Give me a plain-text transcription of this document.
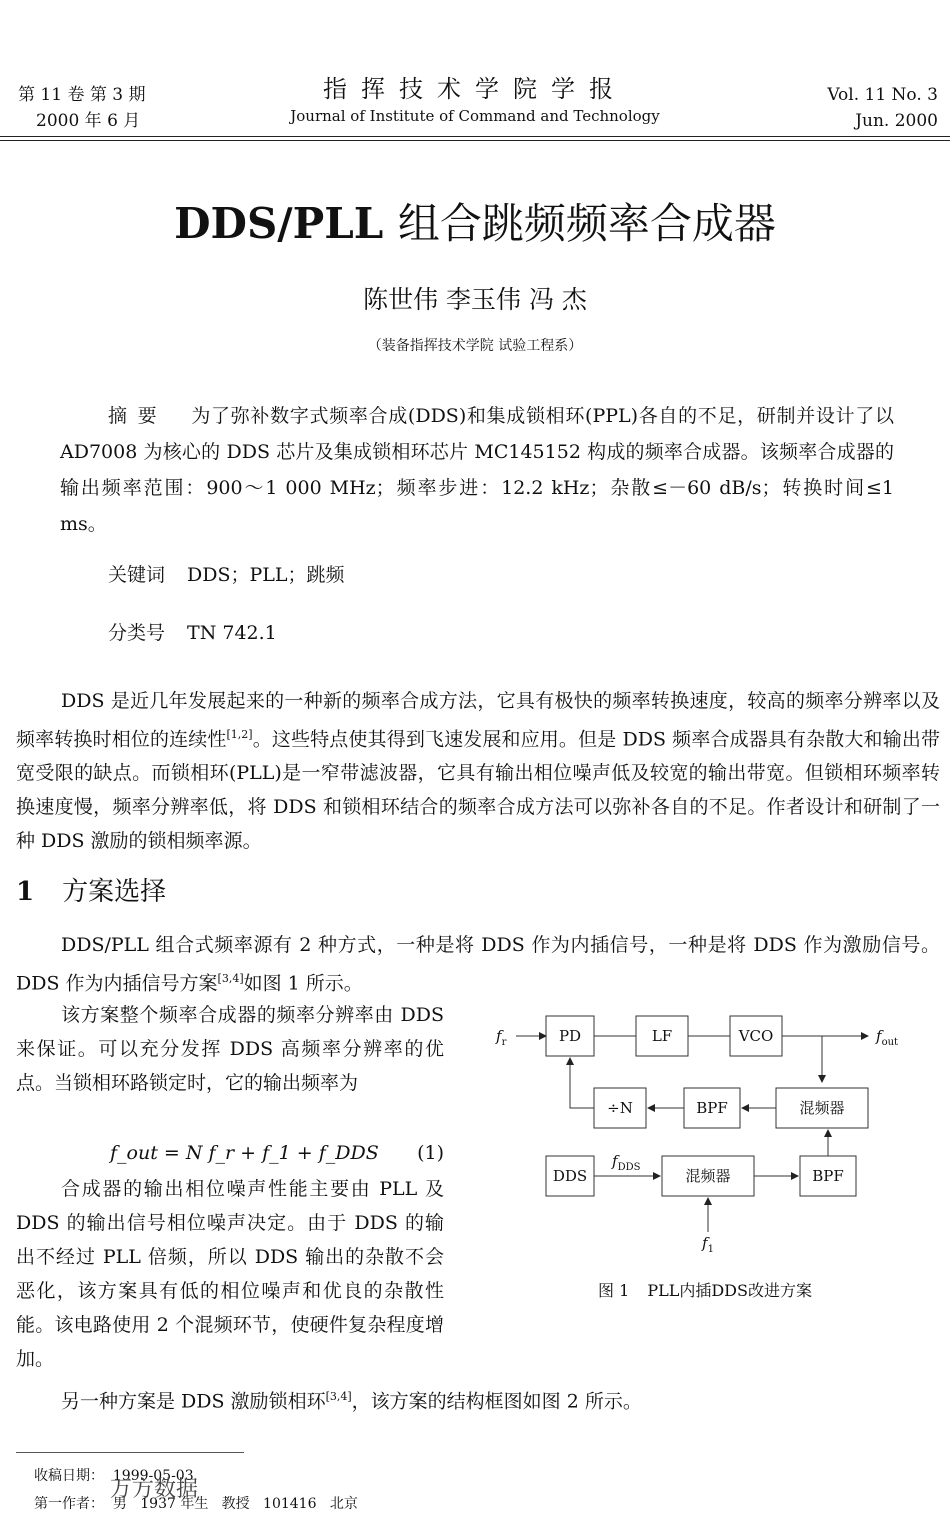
第 11 卷 第 3 期
2000 年 6 月
指挥技术学院学报
Journal of Institute of Command and Technology
Vol. 11 No. 3
Jun. 2000
DDS/PLL 组合跳频频率合成器
陈世伟 李玉伟 冯 杰
（装备指挥技术学院 试验工程系）
摘要 为了弥补数字式频率合成(DDS)和集成锁相环(PPL)各自的不足，研制并设计了以 AD7008 为核心的 DDS 芯片及集成锁相环芯片 MC145152 构成的频率合成器。该频率合成器的输出频率范围：900～1 000 MHz；频率步进：12.2 kHz；杂散≤－60 dB/s；转换时间≤1 ms。
关键词 DDS；PLL；跳频
分类号 TN 742.1
DDS 是近几年发展起来的一种新的频率合成方法，它具有极快的频率转换速度，较高的频率分辨率以及频率转换时相位的连续性[1,2]。这些特点使其得到飞速发展和应用。但是 DDS 频率合成器具有杂散大和输出带宽受限的缺点。而锁相环(PLL)是一窄带滤波器，它具有输出相位噪声低及较宽的输出带宽。但锁相环频率转换速度慢，频率分辨率低，将 DDS 和锁相环结合的频率合成方法可以弥补各自的不足。作者设计和研制了一种 DDS 激励的锁相频率源。
1 方案选择
DDS/PLL 组合式频率源有 2 种方式，一种是将 DDS 作为内插信号，一种是将 DDS 作为激励信号。DDS 作为内插信号方案[3,4]如图 1 所示。
该方案整个频率合成器的频率分辨率由 DDS 来保证。可以充分发挥 DDS 高频率分辨率的优点。当锁相环路锁定时，它的输出频率为
f_out = N f_r + f_1 + f_DDS (1)
合成器的输出相位噪声性能主要由 PLL 及 DDS 的输出信号相位噪声决定。由于 DDS 的输出不经过 PLL 倍频，所以 DDS 输出的杂散不会恶化，该方案具有低的相位噪声和优良的杂散性能。该电路使用 2 个混频环节，使硬件复杂程度增加。
另一种方案是 DDS 激励锁相环[3,4]，该方案的结构框图如图 2 所示。
PD	LF	VCO
÷N	BPF	混频器
DDS	混频器	BPF
$f_r$	$f_{out}$
$f_{DDS}$
$f_1$
图 1 PLL内插DDS改进方案
收稿日期：  1999-05-03
第一作者：  男   1937 年生   教授   101416   北京
万方数据
